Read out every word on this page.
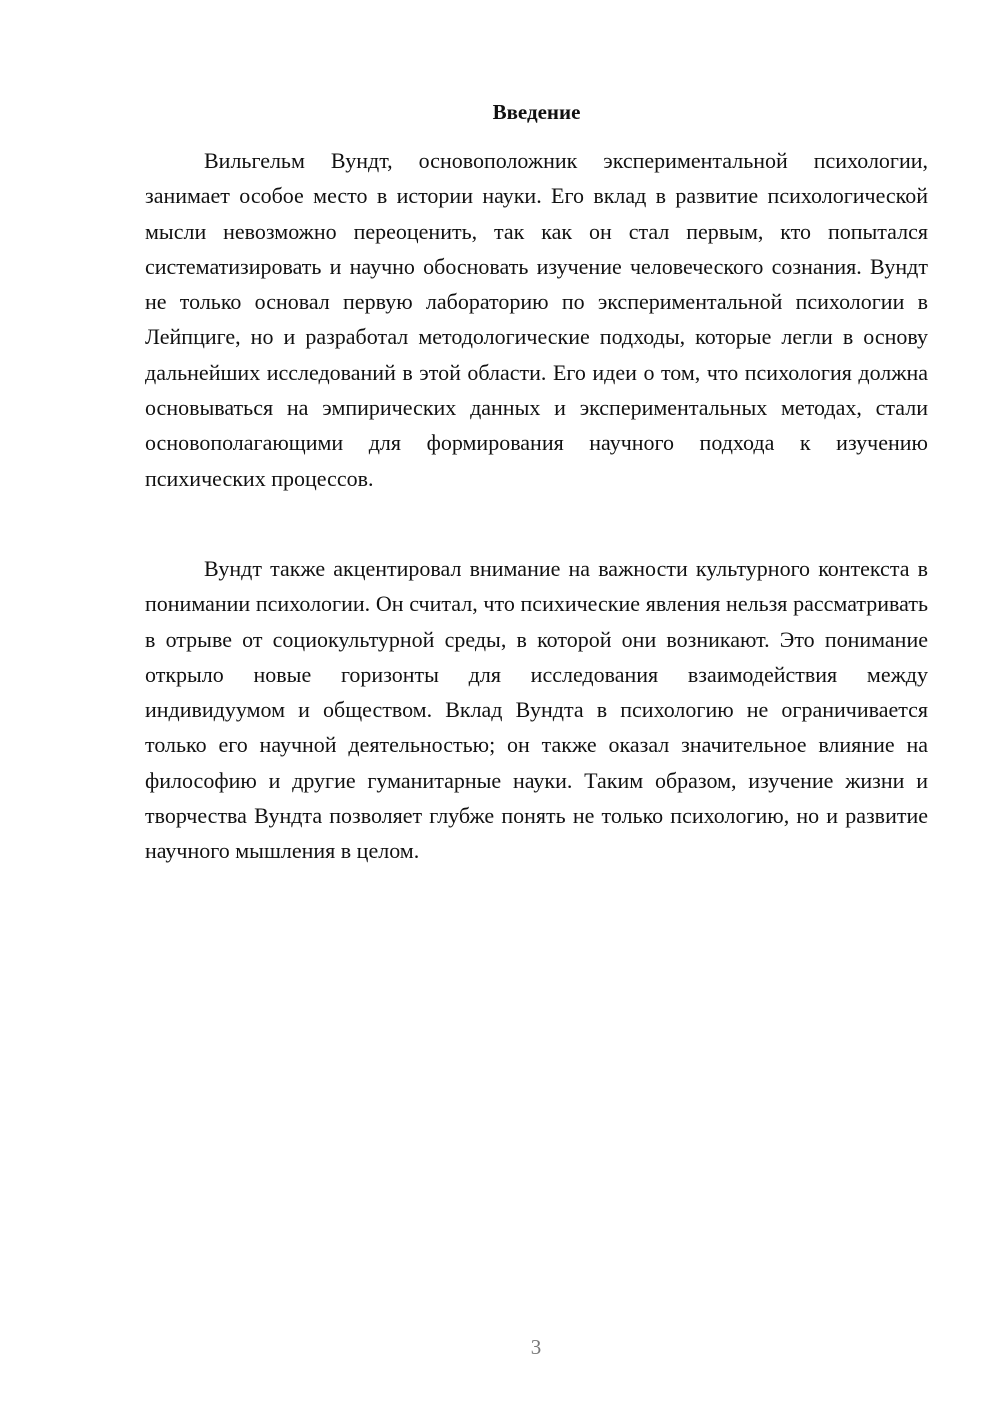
Введение

Вильгельм Вундт, основоположник экспериментальной психологии, занимает особое место в истории науки. Его вклад в развитие психологической мысли невозможно переоценить, так как он стал первым, кто попытался систематизировать и научно обосновать изучение человеческого сознания. Вундт не только основал первую лабораторию по экспериментальной психологии в Лейпциге, но и разработал методологические подходы, которые легли в основу дальнейших исследований в этой области. Его идеи о том, что психология должна основываться на эмпирических данных и экспериментальных методах, стали основополагающими для формирования научного подхода к изучению психических процессов.

Вундт также акцентировал внимание на важности культурного контекста в понимании психологии. Он считал, что психические явления нельзя рассматривать в отрыве от социокультурной среды, в которой они возникают. Это понимание открыло новые горизонты для исследования взаимодействия между индивидуумом и обществом. Вклад Вундта в психологию не ограничивается только его научной деятельностью; он также оказал значительное влияние на философию и другие гуманитарные науки. Таким образом, изучение жизни и творчества Вундта позволяет глубже понять не только психологию, но и развитие научного мышления в целом.

3
